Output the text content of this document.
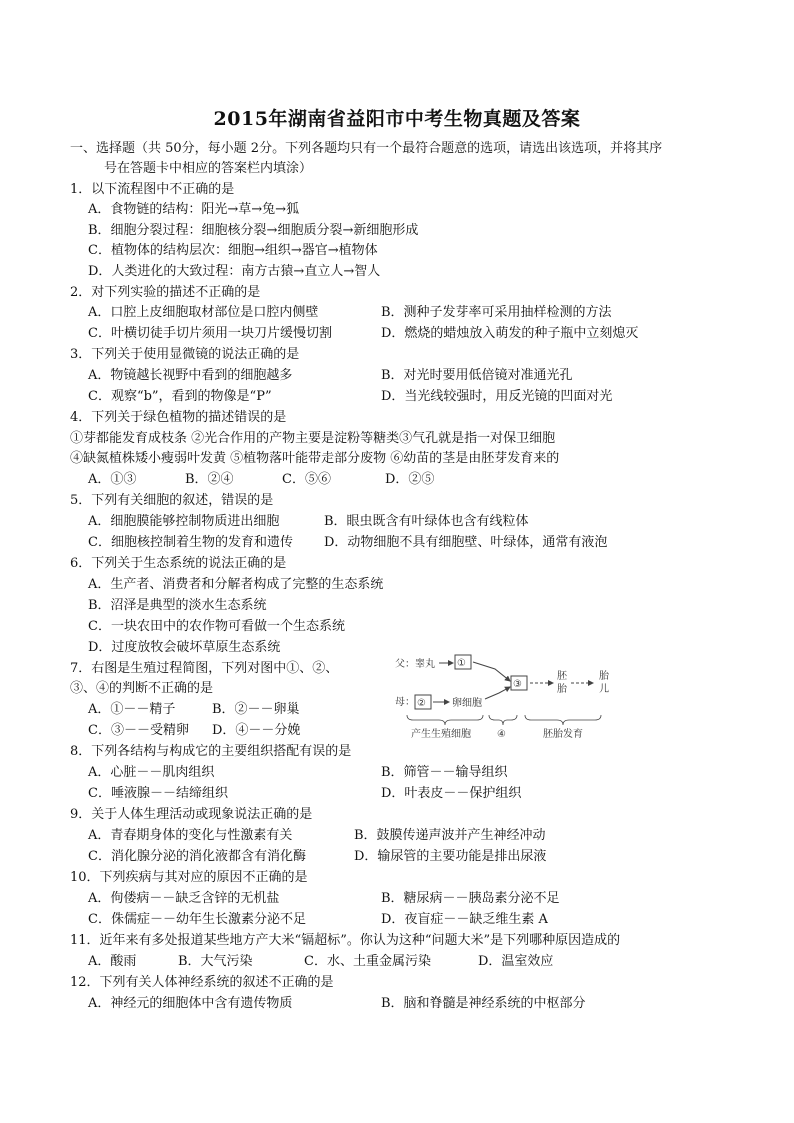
2015年湖南省益阳市中考生物真题及答案
一、选择题（共 50分，每小题 2分。下列各题均只有一个最符合题意的选项，请选出该选项，并将其序
号在答题卡中相应的答案栏内填涂）
1．以下流程图中不正确的是
A．食物链的结构：阳光→草→兔→狐
B．细胞分裂过程：细胞核分裂→细胞质分裂→新细胞形成
C．植物体的结构层次：细胞→组织→器官→植物体
D．人类进化的大致过程：南方古猿→直立人→智人
2．对下列实验的描述不正确的是
A．口腔上皮细胞取材部位是口腔内侧壁	B．测种子发芽率可采用抽样检测的方法
C．叶横切徒手切片须用一块刀片缓慢切割	D．燃烧的蜡烛放入萌发的种子瓶中立刻熄灭
3．下列关于使用显微镜的说法正确的是
A．物镜越长视野中看到的细胞越多	B．对光时要用低倍镜对准通光孔
C．观察“b”，看到的物像是“P”	D．当光线较强时，用反光镜的凹面对光
4．下列关于绿色植物的描述错误的是
①芽都能发育成枝条 ②光合作用的产物主要是淀粉等糖类③气孔就是指一对保卫细胞
④缺氮植株矮小瘦弱叶发黄 ⑤植物落叶能带走部分废物 ⑥幼苗的茎是由胚芽发育来的
A．①③	B．②④	C．⑤⑥	D．②⑤
5．下列有关细胞的叙述，错误的是
A．细胞膜能够控制物质进出细胞	B．眼虫既含有叶绿体也含有线粒体
C．细胞核控制着生物的发育和遗传 D．动物细胞不具有细胞壁、叶绿体，通常有液泡
6．下列关于生态系统的说法正确的是
A．生产者、消费者和分解者构成了完整的生态系统
B．沼泽是典型的淡水生态系统
C．一块农田中的农作物可看做一个生态系统
D．过度放牧会破坏草原生态系统
7．右图是生殖过程简图，下列对图中①、②、
③、④的判断不正确的是
A．①－－精子	B．②－－卵巢
C．③－－受精卵 D．④－－分娩
父：睾丸 ①
母： ②	卵细胞
③
胚
胎
胎
儿
产生生殖细胞	④	胚胎发育
8．下列各结构与构成它的主要组织搭配有误的是
A．心脏－－肌肉组织	B．筛管－－输导组织
C．唾液腺－－结缔组织	D．叶表皮－－保护组织
9．关于人体生理活动或现象说法正确的是
A．青春期身体的变化与性激素有关	B．鼓膜传递声波并产生神经冲动
C．消化腺分泌的消化液都含有消化酶	D．输尿管的主要功能是排出尿液
10．下列疾病与其对应的原因不正确的是
A．佝偻病－－缺乏含锌的无机盐	B．糖尿病－－胰岛素分泌不足
C．侏儒症－－幼年生长激素分泌不足	D．夜盲症－－缺乏维生素 A
11．近年来有多处报道某些地方产大米“镉超标”。你认为这种“问题大米”是下列哪种原因造成的
A．酸雨	B．大气污染	C．水、土重金属污染	D．温室效应
12．下列有关人体神经系统的叙述不正确的是
A．神经元的细胞体中含有遗传物质	B．脑和脊髓是神经系统的中枢部分
